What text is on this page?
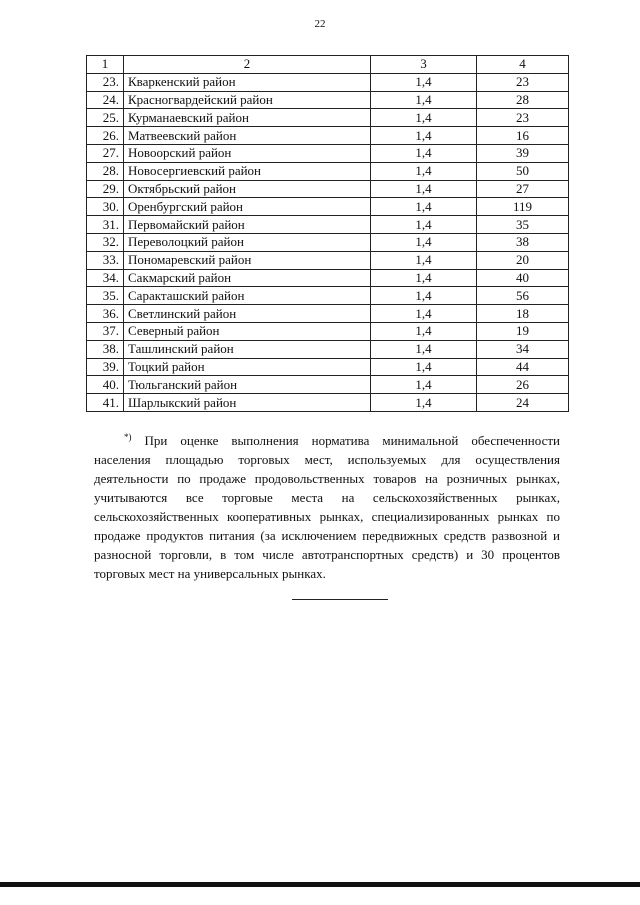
22
1	2	3	4
23.	Кваркенский район	1,4	23
24.	Красногвардейский район	1,4	28
25.	Курманаевский район	1,4	23
26.	Матвеевский район	1,4	16
27.	Новоорский район	1,4	39
28.	Новосергиевский район	1,4	50
29.	Октябрьский район	1,4	27
30.	Оренбургский район	1,4	119
31.	Первомайский район	1,4	35
32.	Переволоцкий район	1,4	38
33.	Пономаревский район	1,4	20
34.	Сакмарский район	1,4	40
35.	Саракташский район	1,4	56
36.	Светлинский район	1,4	18
37.	Северный район	1,4	19
38.	Ташлинский район	1,4	34
39.	Тоцкий район	1,4	44
40.	Тюльганский район	1,4	26
41.	Шарлыкский район	1,4	24
*) При оценке выполнения норматива минимальной обеспеченности населения площадью торговых мест, используемых для осуществления деятельности по продаже продовольственных товаров на розничных рынках, учитываются все торговые места на сельскохозяйственных рынках, сельскохозяйственных кооперативных рынках, специализированных рынках по продаже продуктов питания (за исключением передвижных средств развозной и разносной торговли, в том числе автотранспортных средств) и 30 процентов торговых мест на универсальных рынках.
